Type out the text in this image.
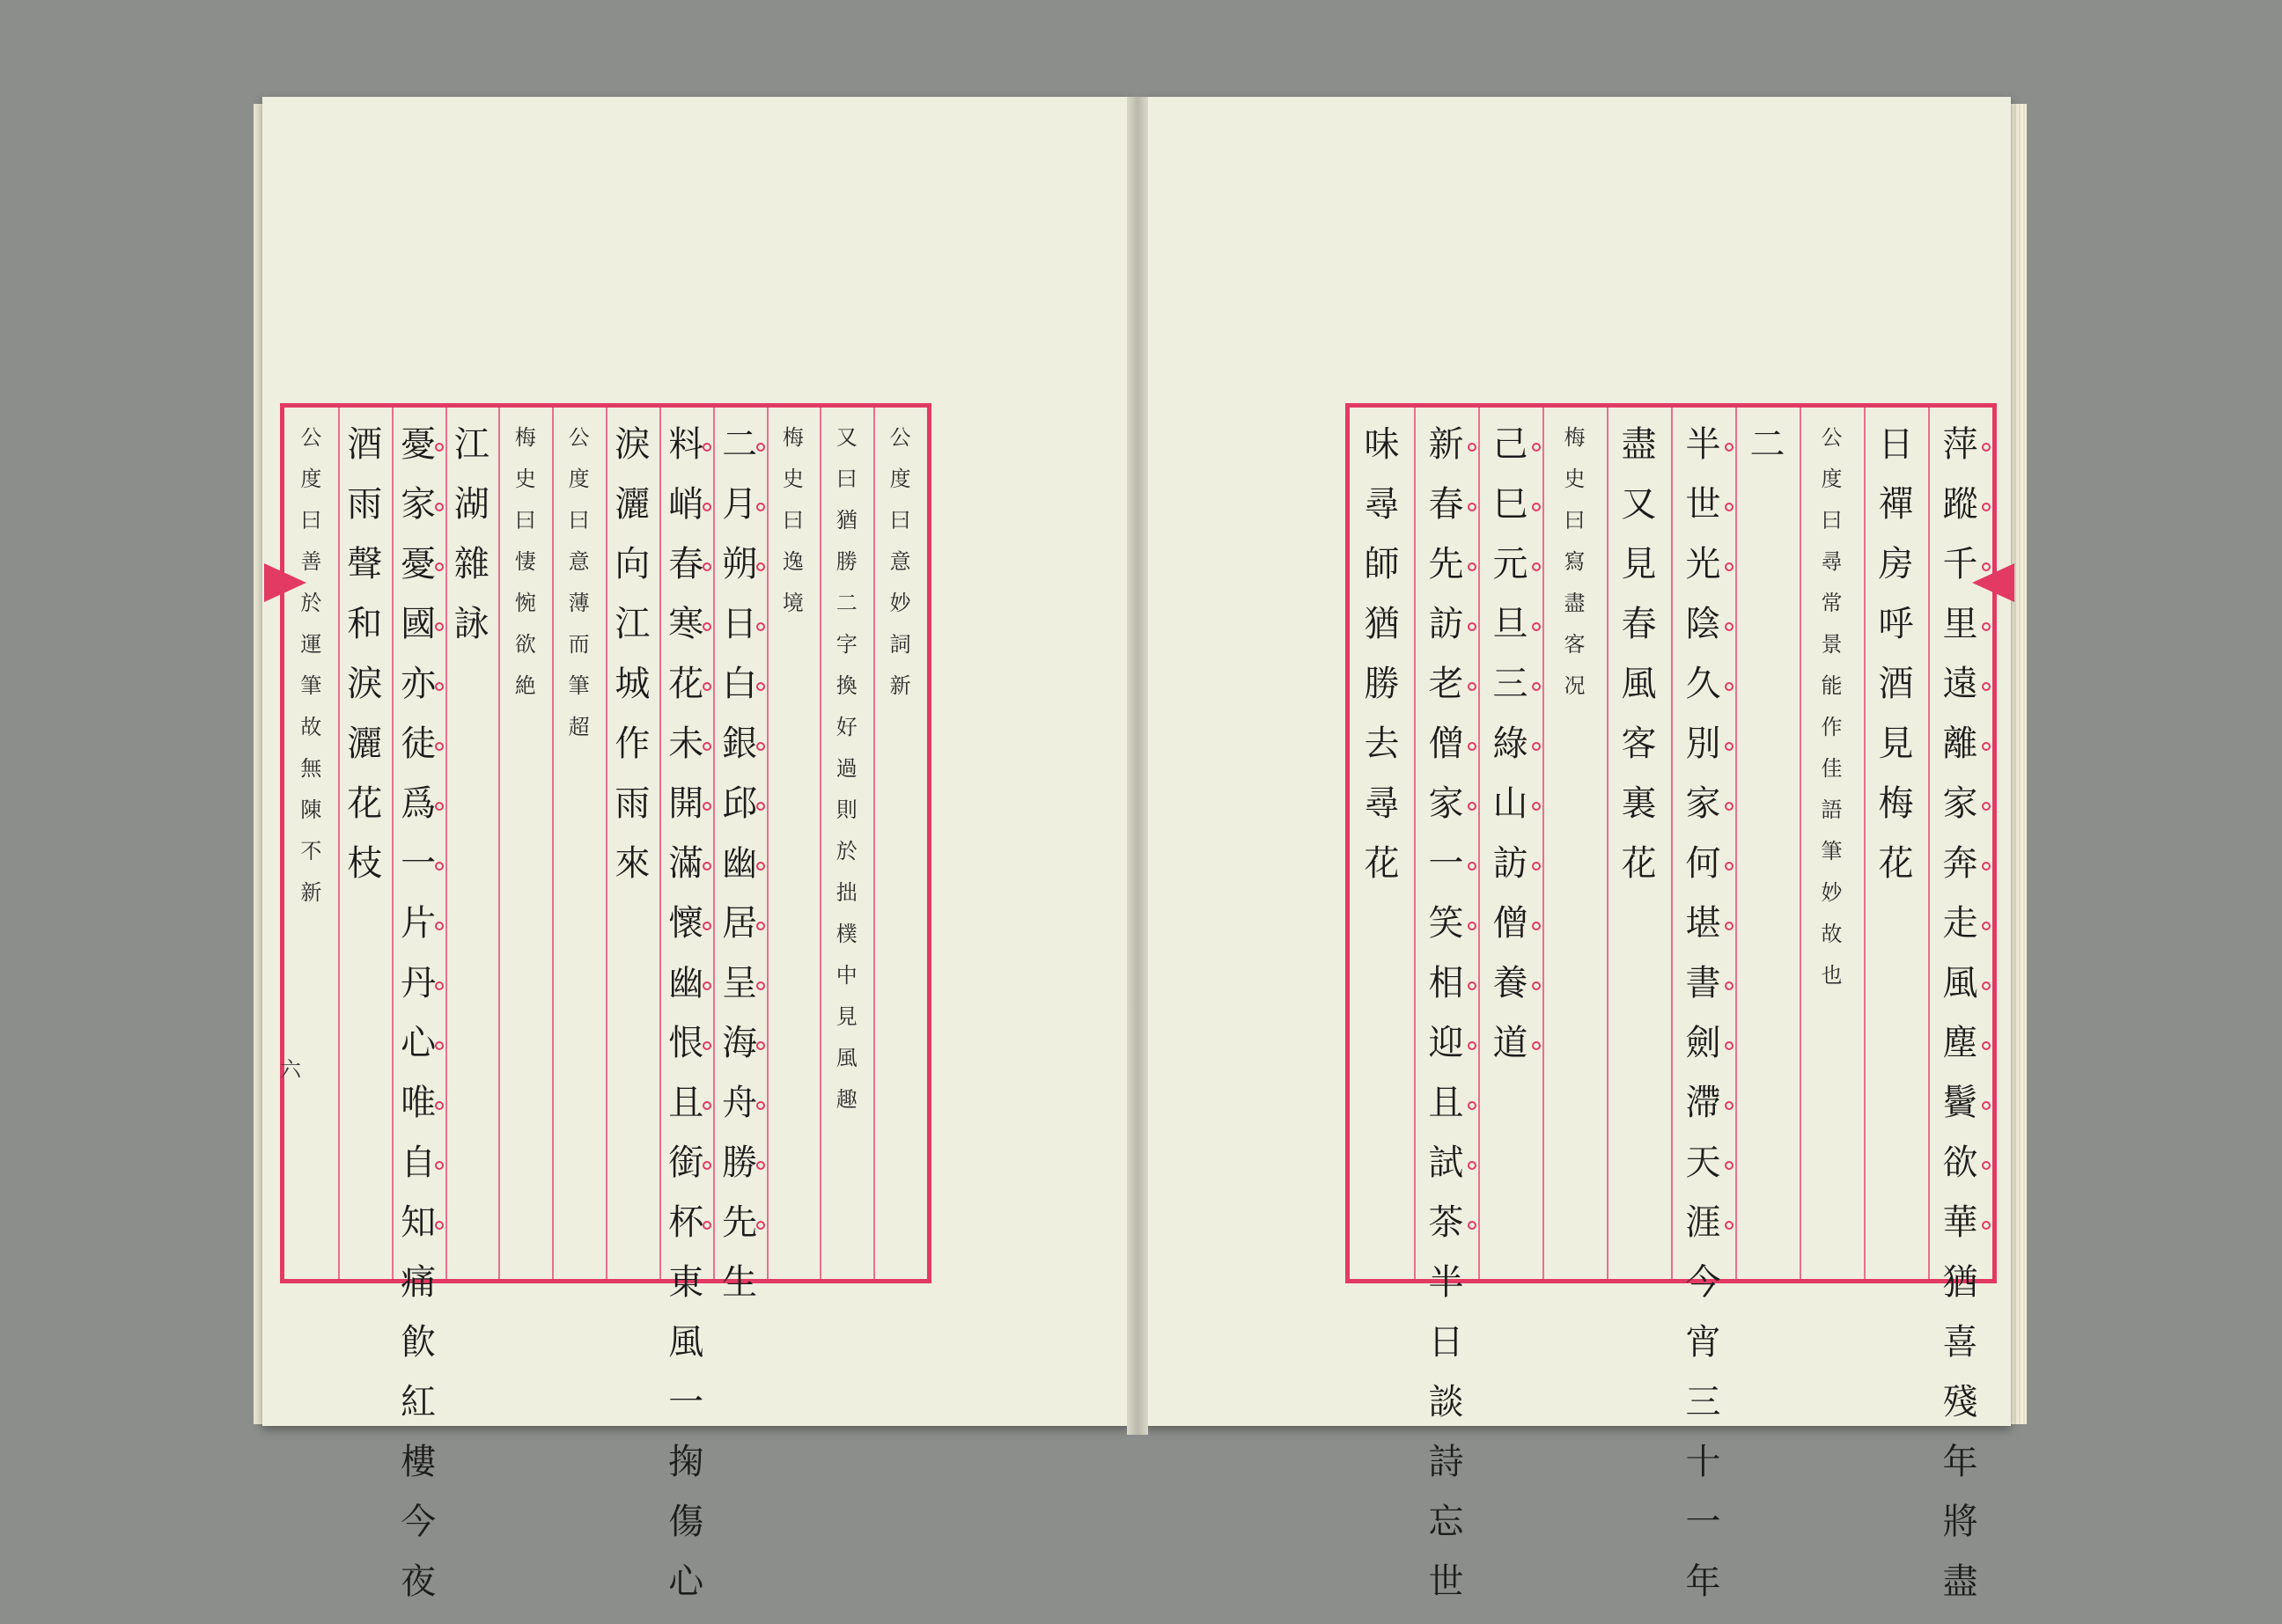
公
度
曰
意
妙
詞
新
又
曰
猶
勝
二
字
換
好
過
則
於
拙
樸
中
見
風
趣
梅
史
曰
逸
境
二
月
朔
日
白
銀
邱
幽
居
呈
海
舟
勝
先
生
料
峭
春
寒
花
未
開
滿
懷
幽
恨
且
銜
杯
東
風
一
掬
傷
心
淚
灑
向
江
城
作
雨
來
公
度
曰
意
薄
而
筆
超
梅
史
曰
悽
惋
欲
絶
江
湖
雜
詠
憂
家
憂
國
亦
徒
爲
一
片
丹
心
唯
自
知
痛
飮
紅
樓
今
夜
酒
雨
聲
和
淚
灑
花
枝
公
度
曰
善
於
運
筆
故
無
陳
不
新
萍
蹤
千
里
遠
離
家
奔
走
風
塵
鬢
欲
華
猶
喜
殘
年
將
盡
日
禪
房
呼
酒
見
梅
花
公
度
曰
尋
常
景
能
作
佳
語
筆
妙
故
也
二
半
世
光
陰
久
別
家
何
堪
書
劍
滯
天
涯
今
宵
三
十
一
年
盡
又
見
春
風
客
裏
花
梅
史
曰
寫
盡
客
况
己
巳
元
旦
三
綠
山
訪
僧
養
道
新
春
先
訪
老
僧
家
一
笑
相
迎
且
試
茶
半
日
談
詩
忘
世
味
尋
師
猶
勝
去
尋
花
六
